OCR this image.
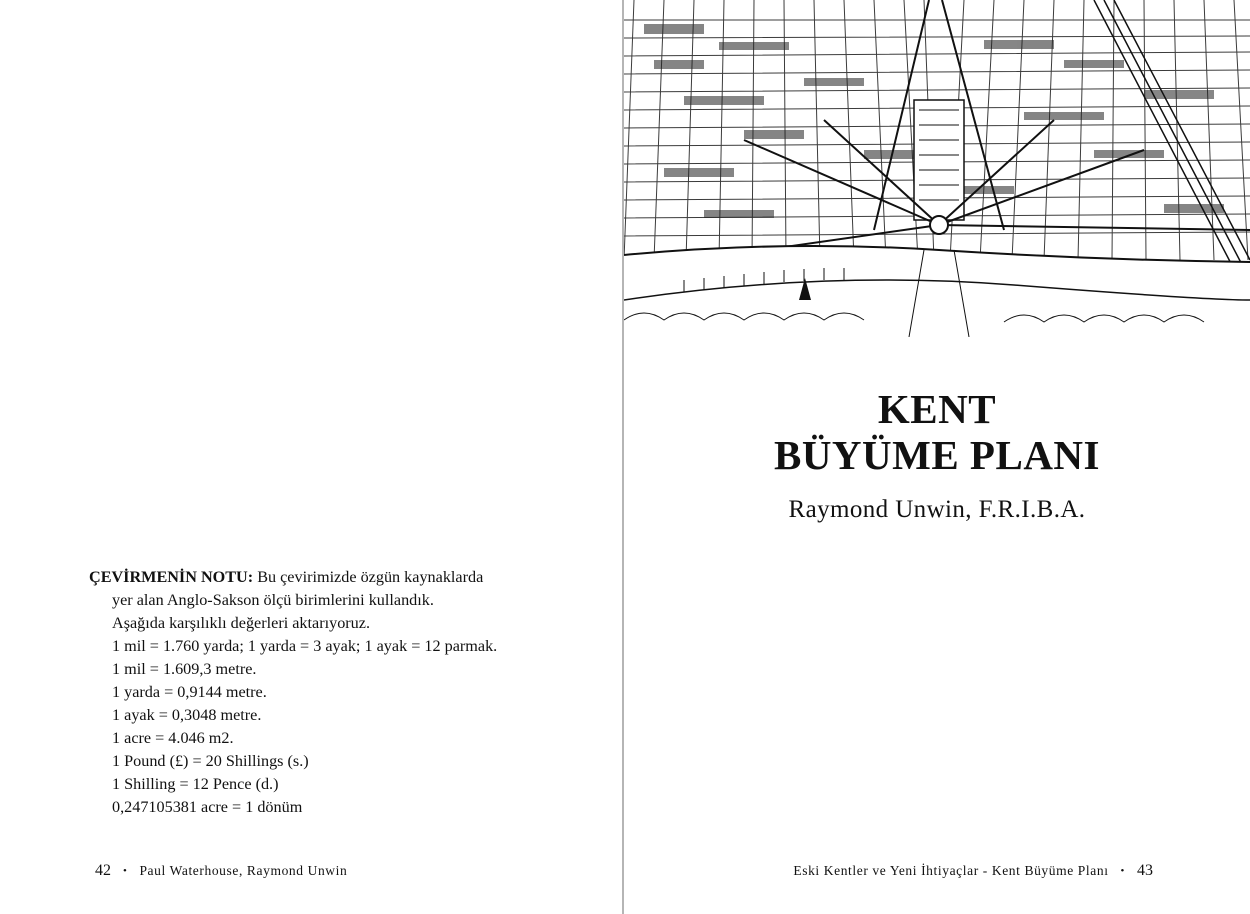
ÇEVİRMENİN NOTU: Bu çevirimizde özgün kaynaklarda
yer alan Anglo-Sakson ölçü birimlerini kullandık.
Aşağıda karşılıklı değerleri aktarıyoruz.
1 mil = 1.760 yarda; 1 yarda = 3 ayak; 1 ayak = 12 parmak.
1 mil = 1.609,3 metre.
1 yarda = 0,9144 metre.
1 ayak = 0,3048 metre.
1 acre = 4.046 m2.
1 Pound (£) = 20 Shillings (s.)
1 Shilling = 12 Pence (d.)
0,247105381 acre = 1 dönüm
42 • Paul Waterhouse, Raymond Unwin
KENT
BÜYÜME PLANI
Raymond Unwin, F.R.I.B.A.
Eski Kentler ve Yeni İhtiyaçlar - Kent Büyüme Planı • 43
